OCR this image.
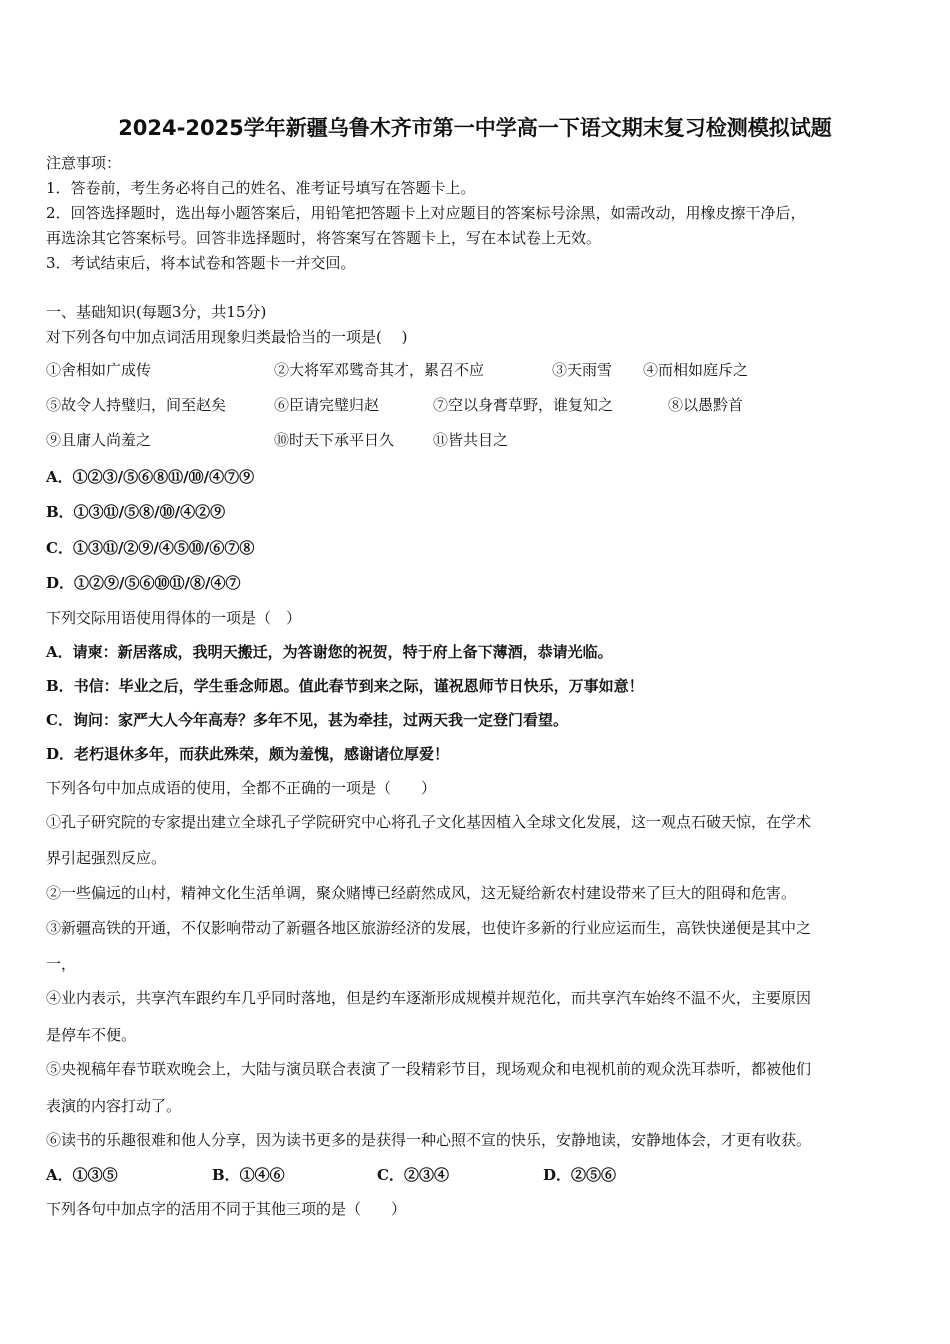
2024-2025学年新疆乌鲁木齐市第一中学高一下语文期末复习检测模拟试题
注意事项：
1．答卷前，考生务必将自己的姓名、准考证号填写在答题卡上。
2．回答选择题时，选出每小题答案后，用铅笔把答题卡上对应题目的答案标号涂黑，如需改动，用橡皮擦干净后，
再选涂其它答案标号。回答非选择题时，将答案写在答题卡上，写在本试卷上无效。
3．考试结束后，将本试卷和答题卡一并交回。
一、基础知识(每题3分，共15分)
对下列各句中加点词活用现象归类最恰当的一项是(　 )
①舍相如广成传	②大将军邓骘奇其才，累召不应	③天雨雪 ④而相如庭斥之
⑤故令人持璧归，间至赵矣	⑥臣请完璧归赵	⑦空以身膏草野，谁复知之	⑧以愚黔首
⑨且庸人尚羞之	⑩时天下承平日久	⑪皆共目之
A．①②③/⑤⑥⑧⑪/⑩/④⑦⑨
B．①③⑪/⑤⑧/⑩/④②⑨
C．①③⑪/②⑨/④⑤⑩/⑥⑦⑧
D．①②⑨/⑤⑥⑩⑪/⑧/④⑦
下列交际用语使用得体的一项是（　）
A．请柬：新居落成，我明天搬迁，为答谢您的祝贺，特于府上备下薄酒，恭请光临。
B．书信：毕业之后，学生垂念师恩。值此春节到来之际，谨祝恩师节日快乐，万事如意！
C．询问：家严大人今年高寿？多年不见，甚为牵挂，过两天我一定登门看望。
D．老朽退休多年，而获此殊荣，颇为羞愧，感谢诸位厚爱！
下列各句中加点成语的使用，全都不正确的一项是（　　）
①孔子研究院的专家提出建立全球孔子学院研究中心将孔子文化基因植入全球文化发展，这一观点石破天惊，在学术
界引起强烈反应。
②一些偏远的山村，精神文化生活单调，聚众赌博已经蔚然成风，这无疑给新农村建设带来了巨大的阻碍和危害。
③新疆高铁的开通，不仅影响带动了新疆各地区旅游经济的发展，也使许多新的行业应运而生，高铁快递便是其中之
一，
④业内表示，共享汽车跟约车几乎同时落地，但是约车逐渐形成规模并规范化，而共享汽车始终不温不火，主要原因
是停车不便。
⑤央视稿年春节联欢晚会上，大陆与演员联合表演了一段精彩节目，现场观众和电视机前的观众洗耳恭听，都被他们
表演的内容打动了。
⑥读书的乐趣很难和他人分享，因为读书更多的是获得一种心照不宣的快乐，安静地读，安静地体会，才更有收获。
A．①③⑤	B．①④⑥	C．②③④	D．②⑤⑥
下列各句中加点字的活用不同于其他三项的是（　　）
